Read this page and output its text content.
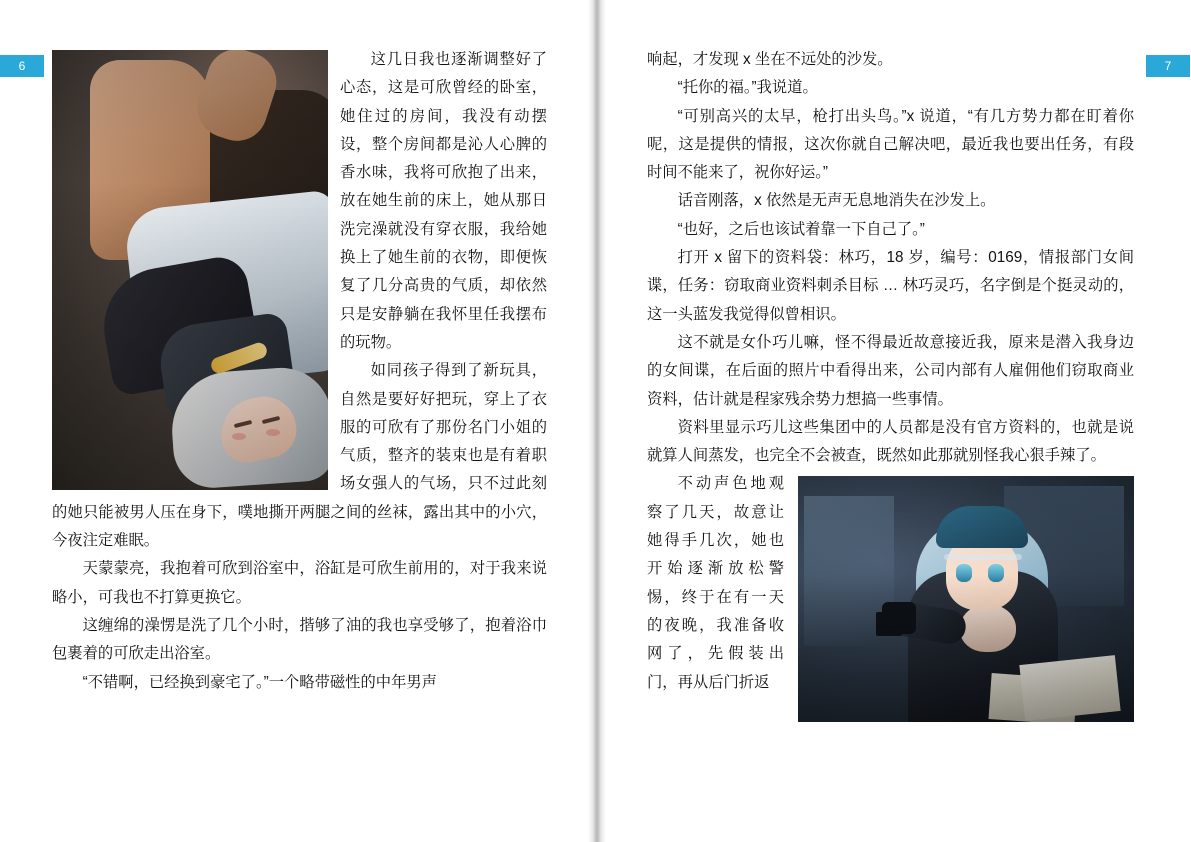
6	这几日我也逐渐调整好了心态，这是可欣曾经的卧室，她住过的房间，我没有动摆设，整个房间都是沁人心脾的香水味，我将可欣抱了出来，放在她生前的床上，她从那日洗完澡就没有穿衣服，我给她换上了她生前的衣物，即便恢复了几分高贵的气质，却依然只是安静躺在我怀里任我摆布的玩物。

如同孩子得到了新玩具，自然是要好好把玩，穿上了衣服的可欣有了那份名门小姐的气质，整齐的装束也是有着职场女强人的气场，只不过此刻的她只能被男人压在身下，噗地撕开两腿之间的丝袜，露出其中的小穴，今夜注定难眠。

天蒙蒙亮，我抱着可欣到浴室中，浴缸是可欣生前用的，对于我来说略小，可我也不打算更换它。

这缠绵的澡愣是洗了几个小时，揩够了油的我也享受够了，抱着浴巾包裹着的可欣走出浴室。

“不错啊，已经换到豪宅了。”一个略带磁性的中年男声

7

响起，才发现 x 坐在不远处的沙发。

“托你的福。”我说道。

“可别高兴的太早，枪打出头鸟。”x 说道，“有几方势力都在盯着你呢，这是提供的情报，这次你就自己解决吧，最近我也要出任务，有段时间不能来了，祝你好运。”

话音刚落，x 依然是无声无息地消失在沙发上。

“也好，之后也该试着靠一下自己了。”

打开 x 留下的资料袋：林巧，18 岁，编号：0169，情报部门女间谍，任务：窃取商业资料刺杀目标 … 林巧灵巧，名字倒是个挺灵动的，这一头蓝发我觉得似曾相识。

这不就是女仆巧儿嘛，怪不得最近故意接近我，原来是潜入我身边的女间谍，在后面的照片中看得出来，公司内部有人雇佣他们窃取商业资料，估计就是程家残余势力想搞一些事情。

资料里显示巧儿这些集团中的人员都是没有官方资料的，也就是说就算人间蒸发，也完全不会被查，既然如此那就别怪我心狠手辣了。

不动声色地观察了几天，故意让她得手几次，她也开始逐渐放松警惕，终于在有一天的夜晚，我准备收网了，先假装出门，再从后门折返
